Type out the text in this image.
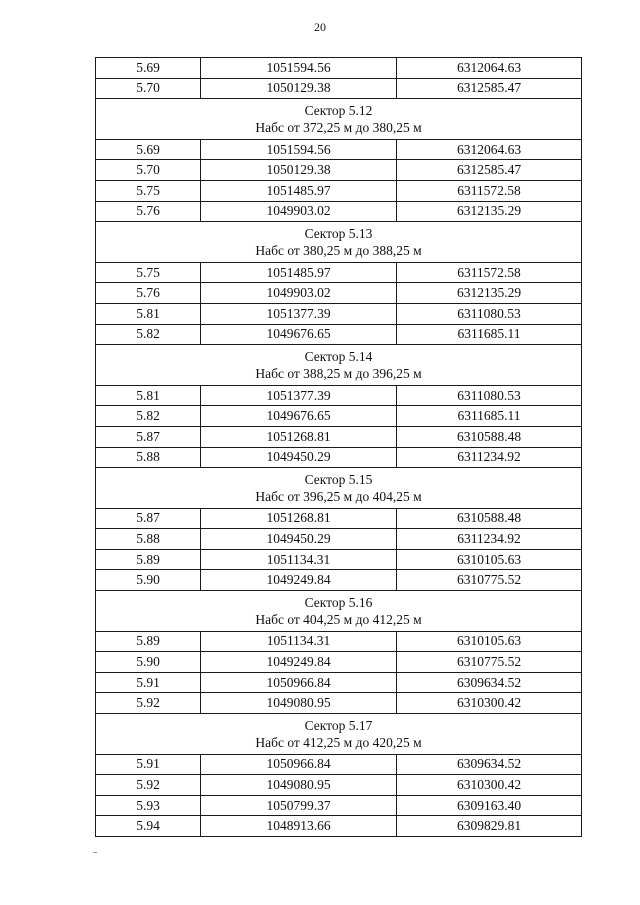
20
5.69	1051594.56	6312064.63
5.70	1050129.38	6312585.47

Сектор 5.12
Набс от 372,25 м до 380,25 м		

5.69	1051594.56	6312064.63
5.70	1050129.38	6312585.47
5.75	1051485.97	6311572.58
5.76	1049903.02	6312135.29

Сектор 5.13
Набс от 380,25 м до 388,25 м		

5.75	1051485.97	6311572.58
5.76	1049903.02	6312135.29
5.81	1051377.39	6311080.53
5.82	1049676.65	6311685.11

Сектор 5.14
Набс от 388,25 м до 396,25 м		

5.81	1051377.39	6311080.53
5.82	1049676.65	6311685.11
5.87	1051268.81	6310588.48
5.88	1049450.29	6311234.92

Сектор 5.15
Набс от 396,25 м до 404,25 м		

5.87	1051268.81	6310588.48
5.88	1049450.29	6311234.92
5.89	1051134.31	6310105.63
5.90	1049249.84	6310775.52

Сектор 5.16
Набс от 404,25 м до 412,25 м		

5.89	1051134.31	6310105.63
5.90	1049249.84	6310775.52
5.91	1050966.84	6309634.52
5.92	1049080.95	6310300.42

Сектор 5.17
Набс от 412,25 м до 420,25 м		

5.91	1050966.84	6309634.52
5.92	1049080.95	6310300.42
5.93	1050799.37	6309163.40
5.94	1048913.66	6309829.81
